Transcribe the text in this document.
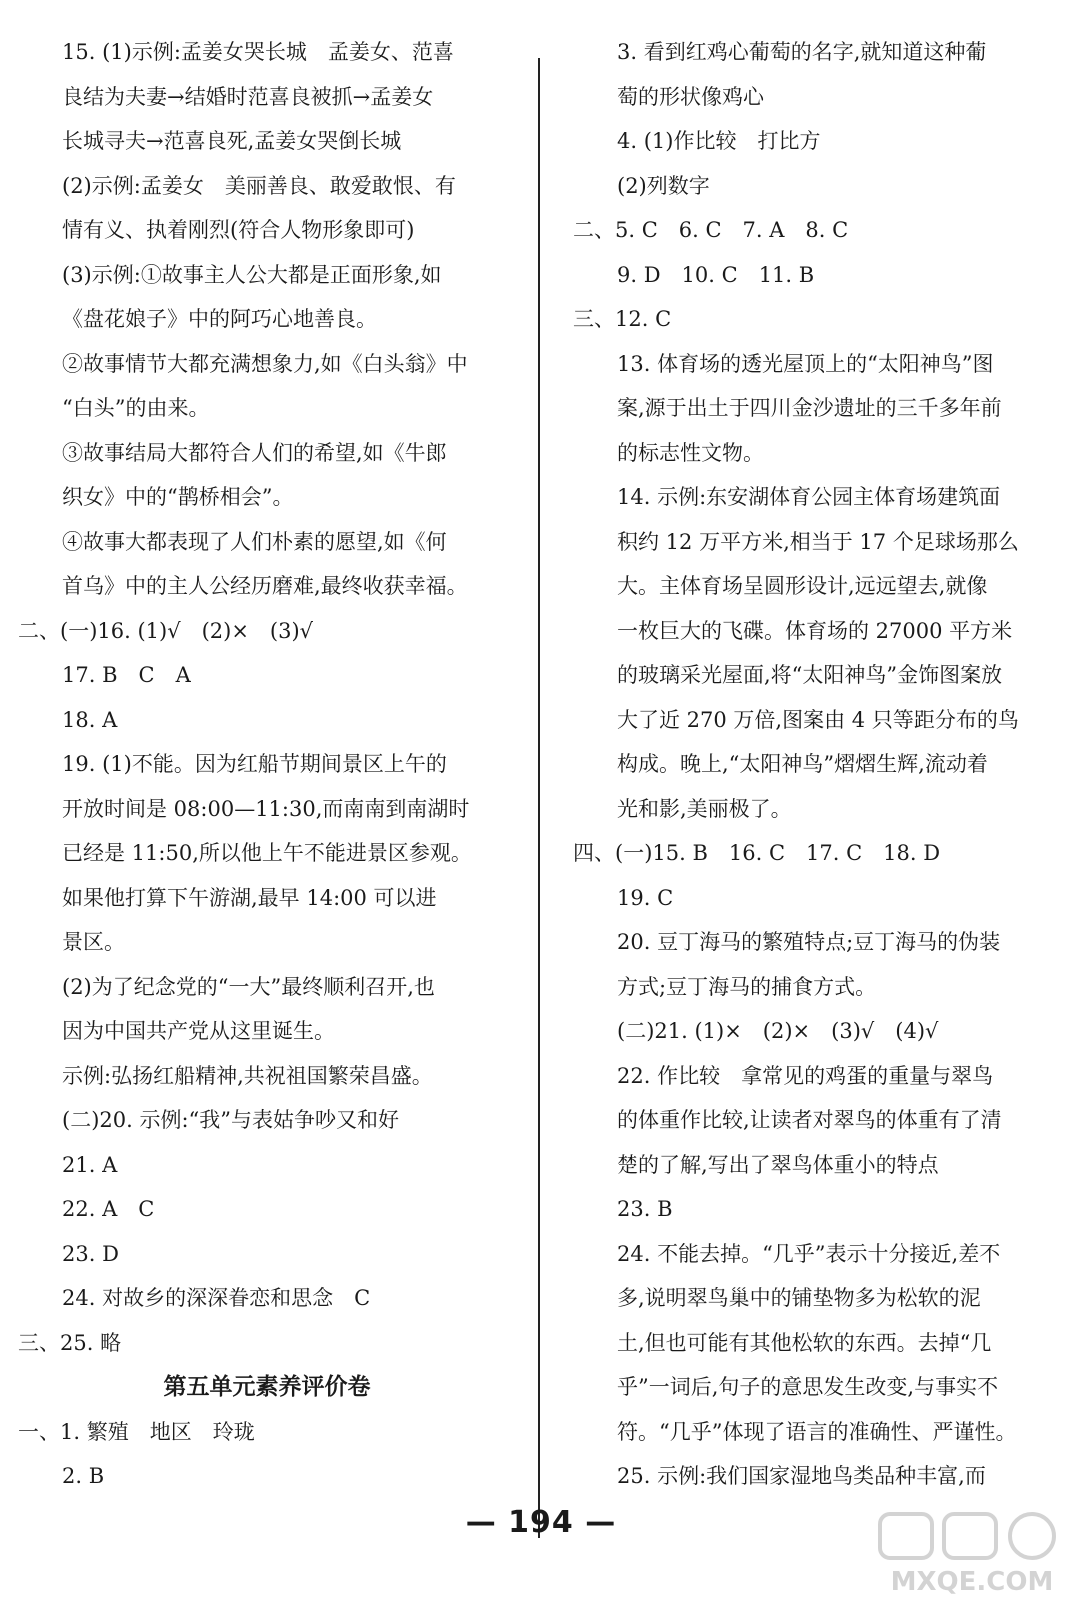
15. (1)示例:孟姜女哭长城　孟姜女、范喜
良结为夫妻→结婚时范喜良被抓→孟姜女
长城寻夫→范喜良死,孟姜女哭倒长城
(2)示例:孟姜女　美丽善良、敢爱敢恨、有
情有义、执着刚烈(符合人物形象即可)
(3)示例:①故事主人公大都是正面形象,如
《盘花娘子》中的阿巧心地善良。
②故事情节大都充满想象力,如《白头翁》中
“白头”的由来。
③故事结局大都符合人们的希望,如《牛郎
织女》中的“鹊桥相会”。
④故事大都表现了人们朴素的愿望,如《何
首乌》中的主人公经历磨难,最终收获幸福。
二、(一)16. (1)√　(2)×　(3)√
17. B　C　A
18. A
19. (1)不能。因为红船节期间景区上午的
开放时间是 08:00—11:30,而南南到南湖时
已经是 11:50,所以他上午不能进景区参观。
如果他打算下午游湖,最早 14:00 可以进
景区。
(2)为了纪念党的“一大”最终顺利召开,也
因为中国共产党从这里诞生。
示例:弘扬红船精神,共祝祖国繁荣昌盛。
(二)20. 示例:“我”与表姑争吵又和好
21. A
22. A　C
23. D
24. 对故乡的深深眷恋和思念　C
三、25. 略
第五单元素养评价卷
一、1. 繁殖　地区　玲珑
2. B
3. 看到红鸡心葡萄的名字,就知道这种葡
萄的形状像鸡心
4. (1)作比较　打比方
(2)列数字
二、5. C　6. C　7. A　8. C
9. D　10. C　11. B
三、12. C
13. 体育场的透光屋顶上的“太阳神鸟”图
案,源于出土于四川金沙遗址的三千多年前
的标志性文物。
14. 示例:东安湖体育公园主体育场建筑面
积约 12 万平方米,相当于 17 个足球场那么
大。主体育场呈圆形设计,远远望去,就像
一枚巨大的飞碟。体育场的 27000 平方米
的玻璃采光屋面,将“太阳神鸟”金饰图案放
大了近 270 万倍,图案由 4 只等距分布的鸟
构成。晚上,“太阳神鸟”熠熠生辉,流动着
光和影,美丽极了。
四、(一)15. B　16. C　17. C　18. D
19. C
20. 豆丁海马的繁殖特点;豆丁海马的伪装
方式;豆丁海马的捕食方式。
(二)21. (1)×　(2)×　(3)√　(4)√
22. 作比较　拿常见的鸡蛋的重量与翠鸟
的体重作比较,让读者对翠鸟的体重有了清
楚的了解,写出了翠鸟体重小的特点
23. B
24. 不能去掉。“几乎”表示十分接近,差不
多,说明翠鸟巢中的铺垫物多为松软的泥
土,但也可能有其他松软的东西。去掉“几
乎”一词后,句子的意思发生改变,与事实不
符。“几乎”体现了语言的准确性、严谨性。
25. 示例:我们国家湿地鸟类品种丰富,而
— 194 —
MXQE.COM
